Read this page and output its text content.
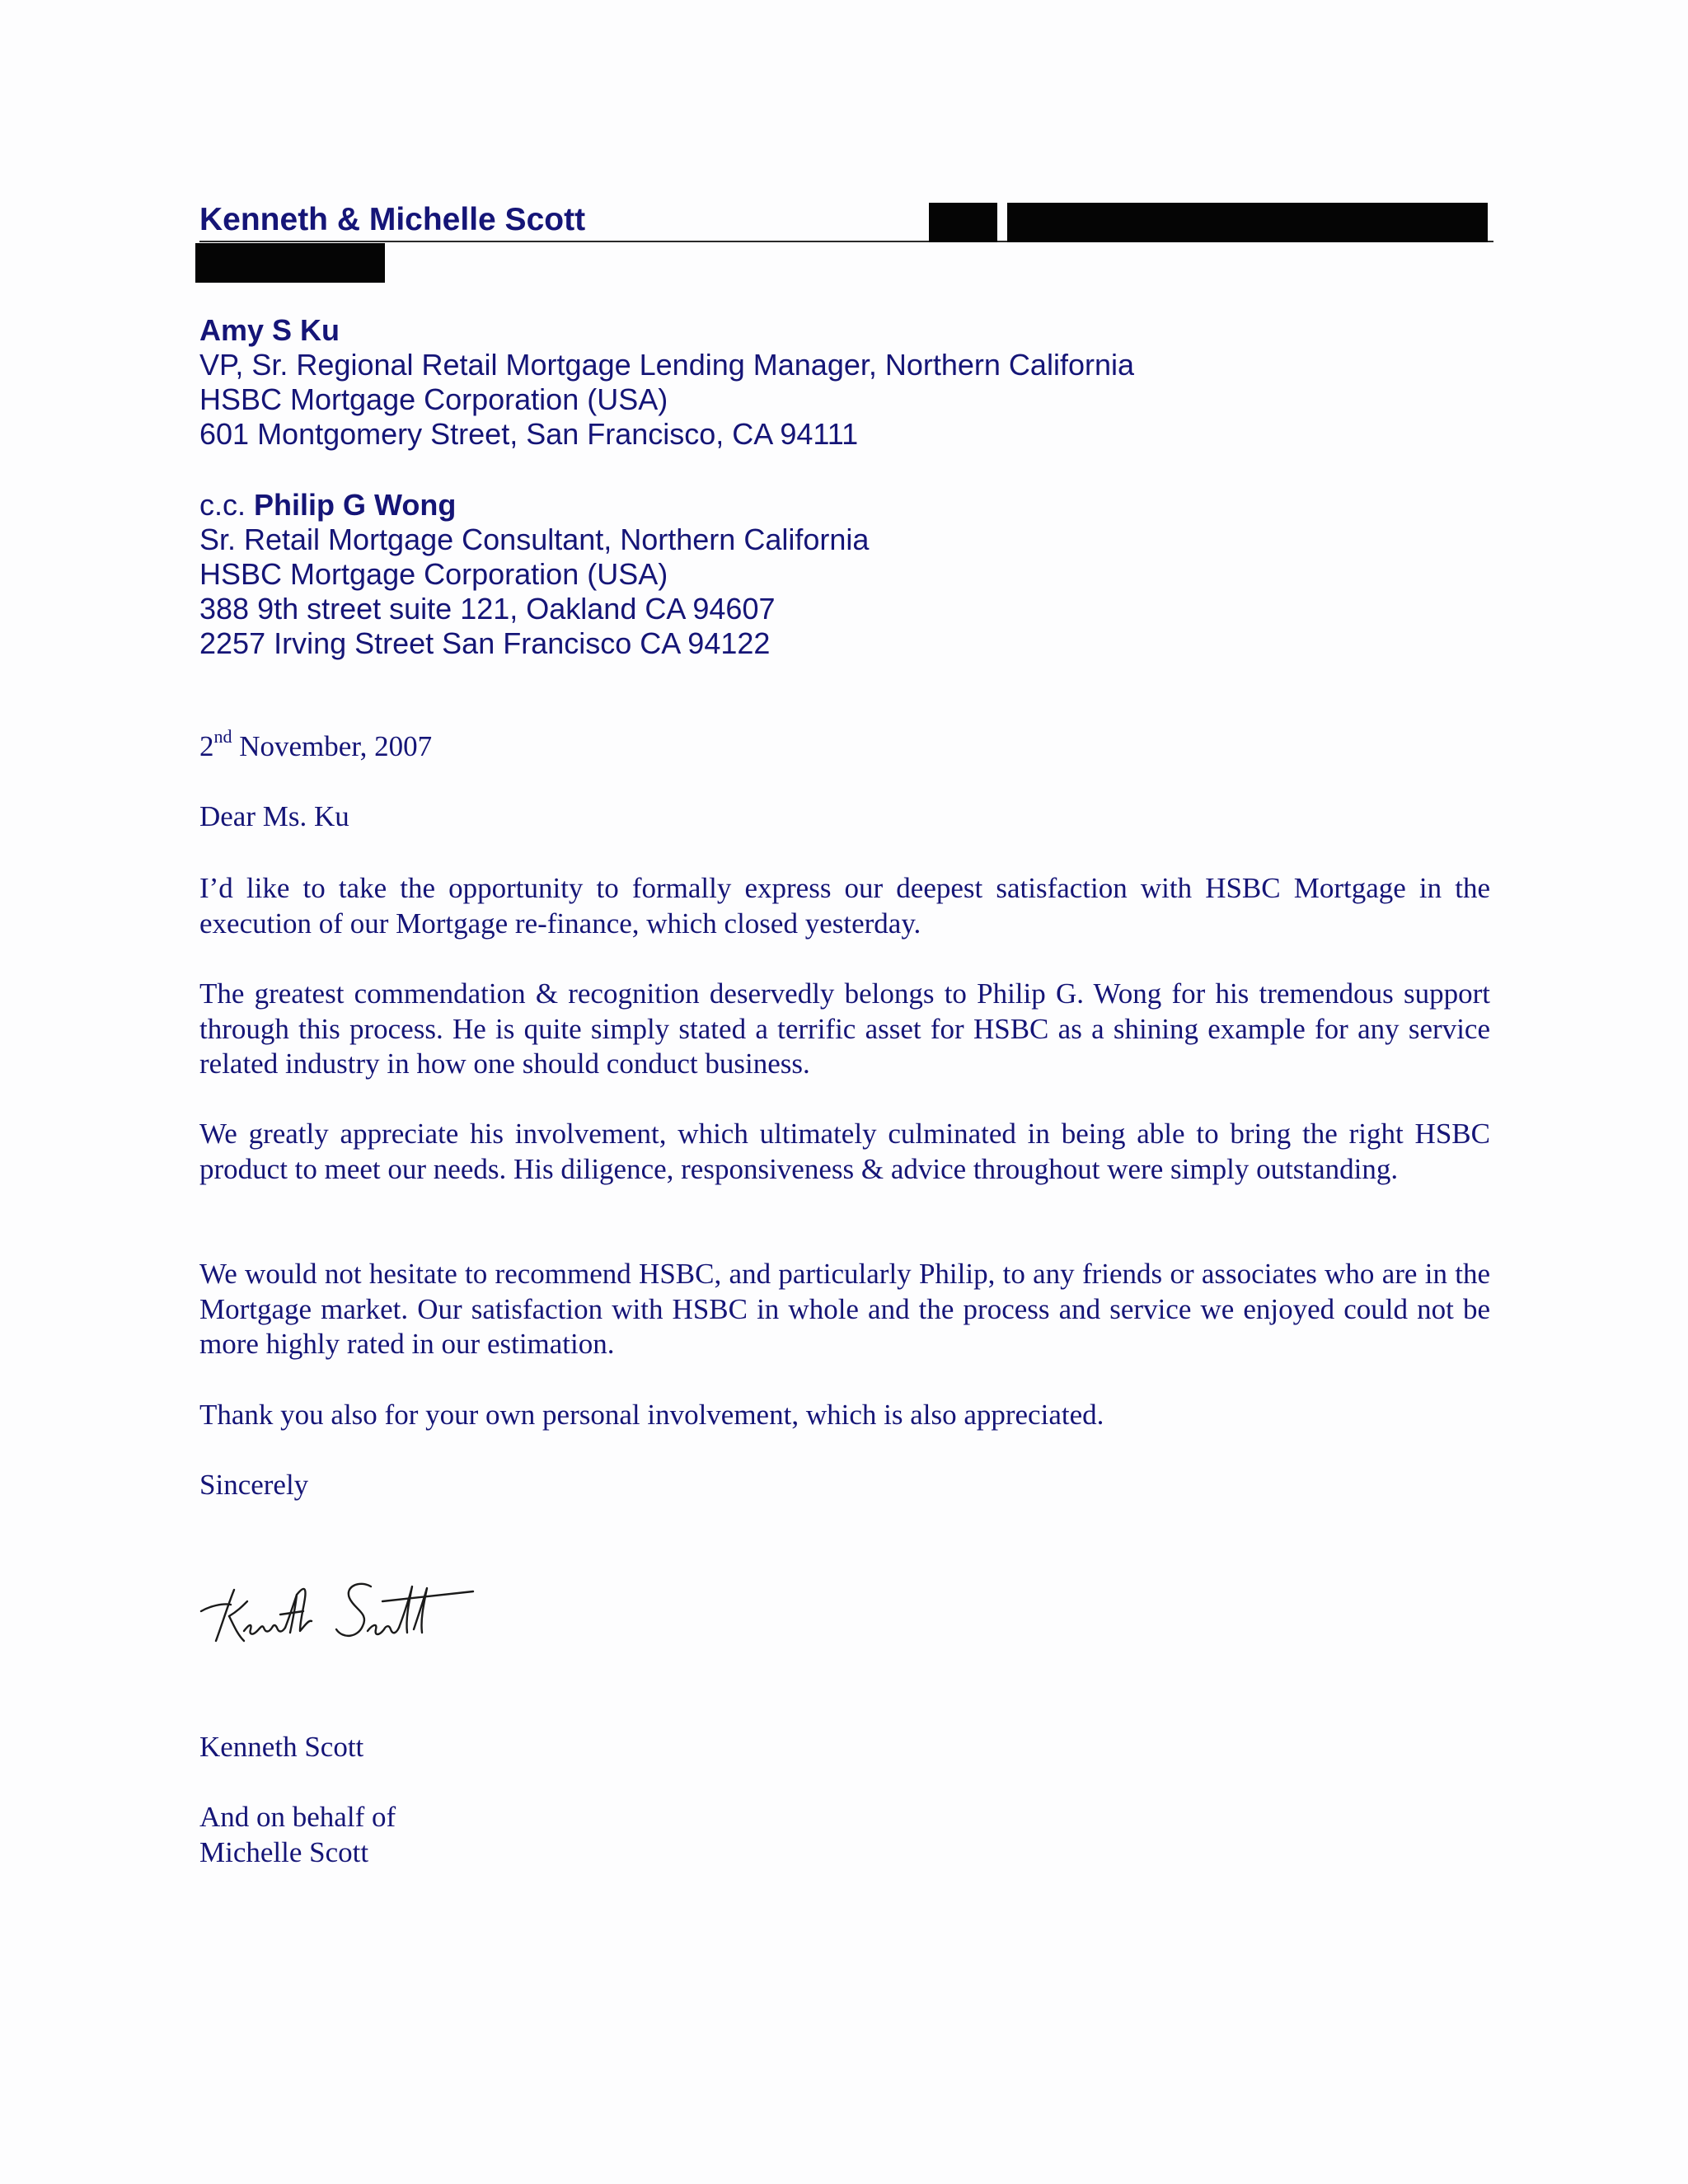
Kenneth & Michelle Scott
Amy S Ku
VP, Sr. Regional Retail Mortgage Lending Manager, Northern California
HSBC Mortgage Corporation (USA)
601 Montgomery Street, San Francisco, CA 94111
c.c. Philip G Wong
Sr. Retail Mortgage Consultant, Northern California
HSBC Mortgage Corporation (USA)
388 9th street suite 121, Oakland CA 94607
2257 Irving Street San Francisco CA 94122

2nd November, 2007

Dear Ms. Ku

I’d like to take the opportunity to formally express our deepest satisfaction with HSBC Mortgage in the execution of our Mortgage re-finance, which closed yesterday.

The greatest commendation & recognition deservedly belongs to Philip G. Wong for his tremendous support through this process. He is quite simply stated a terrific asset for HSBC as a shining example for any service related industry in how one should conduct business.

We greatly appreciate his involvement, which ultimately culminated in being able to bring the right HSBC product to meet our needs. His diligence, responsiveness & advice throughout were simply outstanding.

We would not hesitate to recommend HSBC, and particularly Philip, to any friends or associates who are in the Mortgage market. Our satisfaction with HSBC in whole and the process and service we enjoyed could not be more highly rated in our estimation.

Thank you also for your own personal involvement, which is also appreciated.

Sincerely

Kenneth Scott

And on behalf of
Michelle Scott
